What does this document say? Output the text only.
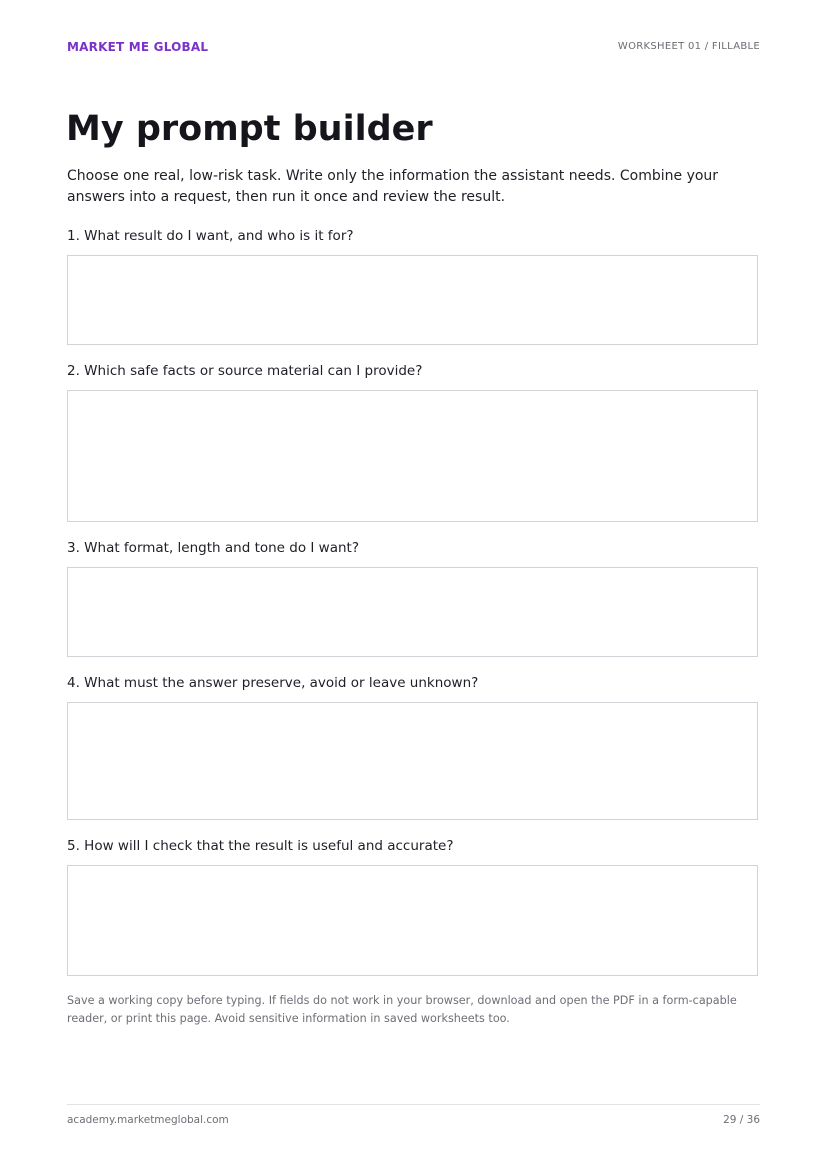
MARKET ME GLOBAL	WORKSHEET 01 / FILLABLE
My prompt builder

Choose one real, low-risk task. Write only the information the assistant needs. Combine your answers into a request, then run it once and review the result.

1. What result do I want, and who is it for?

2. Which safe facts or source material can I provide?

3. What format, length and tone do I want?

4. What must the answer preserve, avoid or leave unknown?

5. How will I check that the result is useful and accurate?

Save a working copy before typing. If fields do not work in your browser, download and open the PDF in a form-capable reader, or print this page. Avoid sensitive information in saved worksheets too.

academy.marketmeglobal.com	29 / 36
